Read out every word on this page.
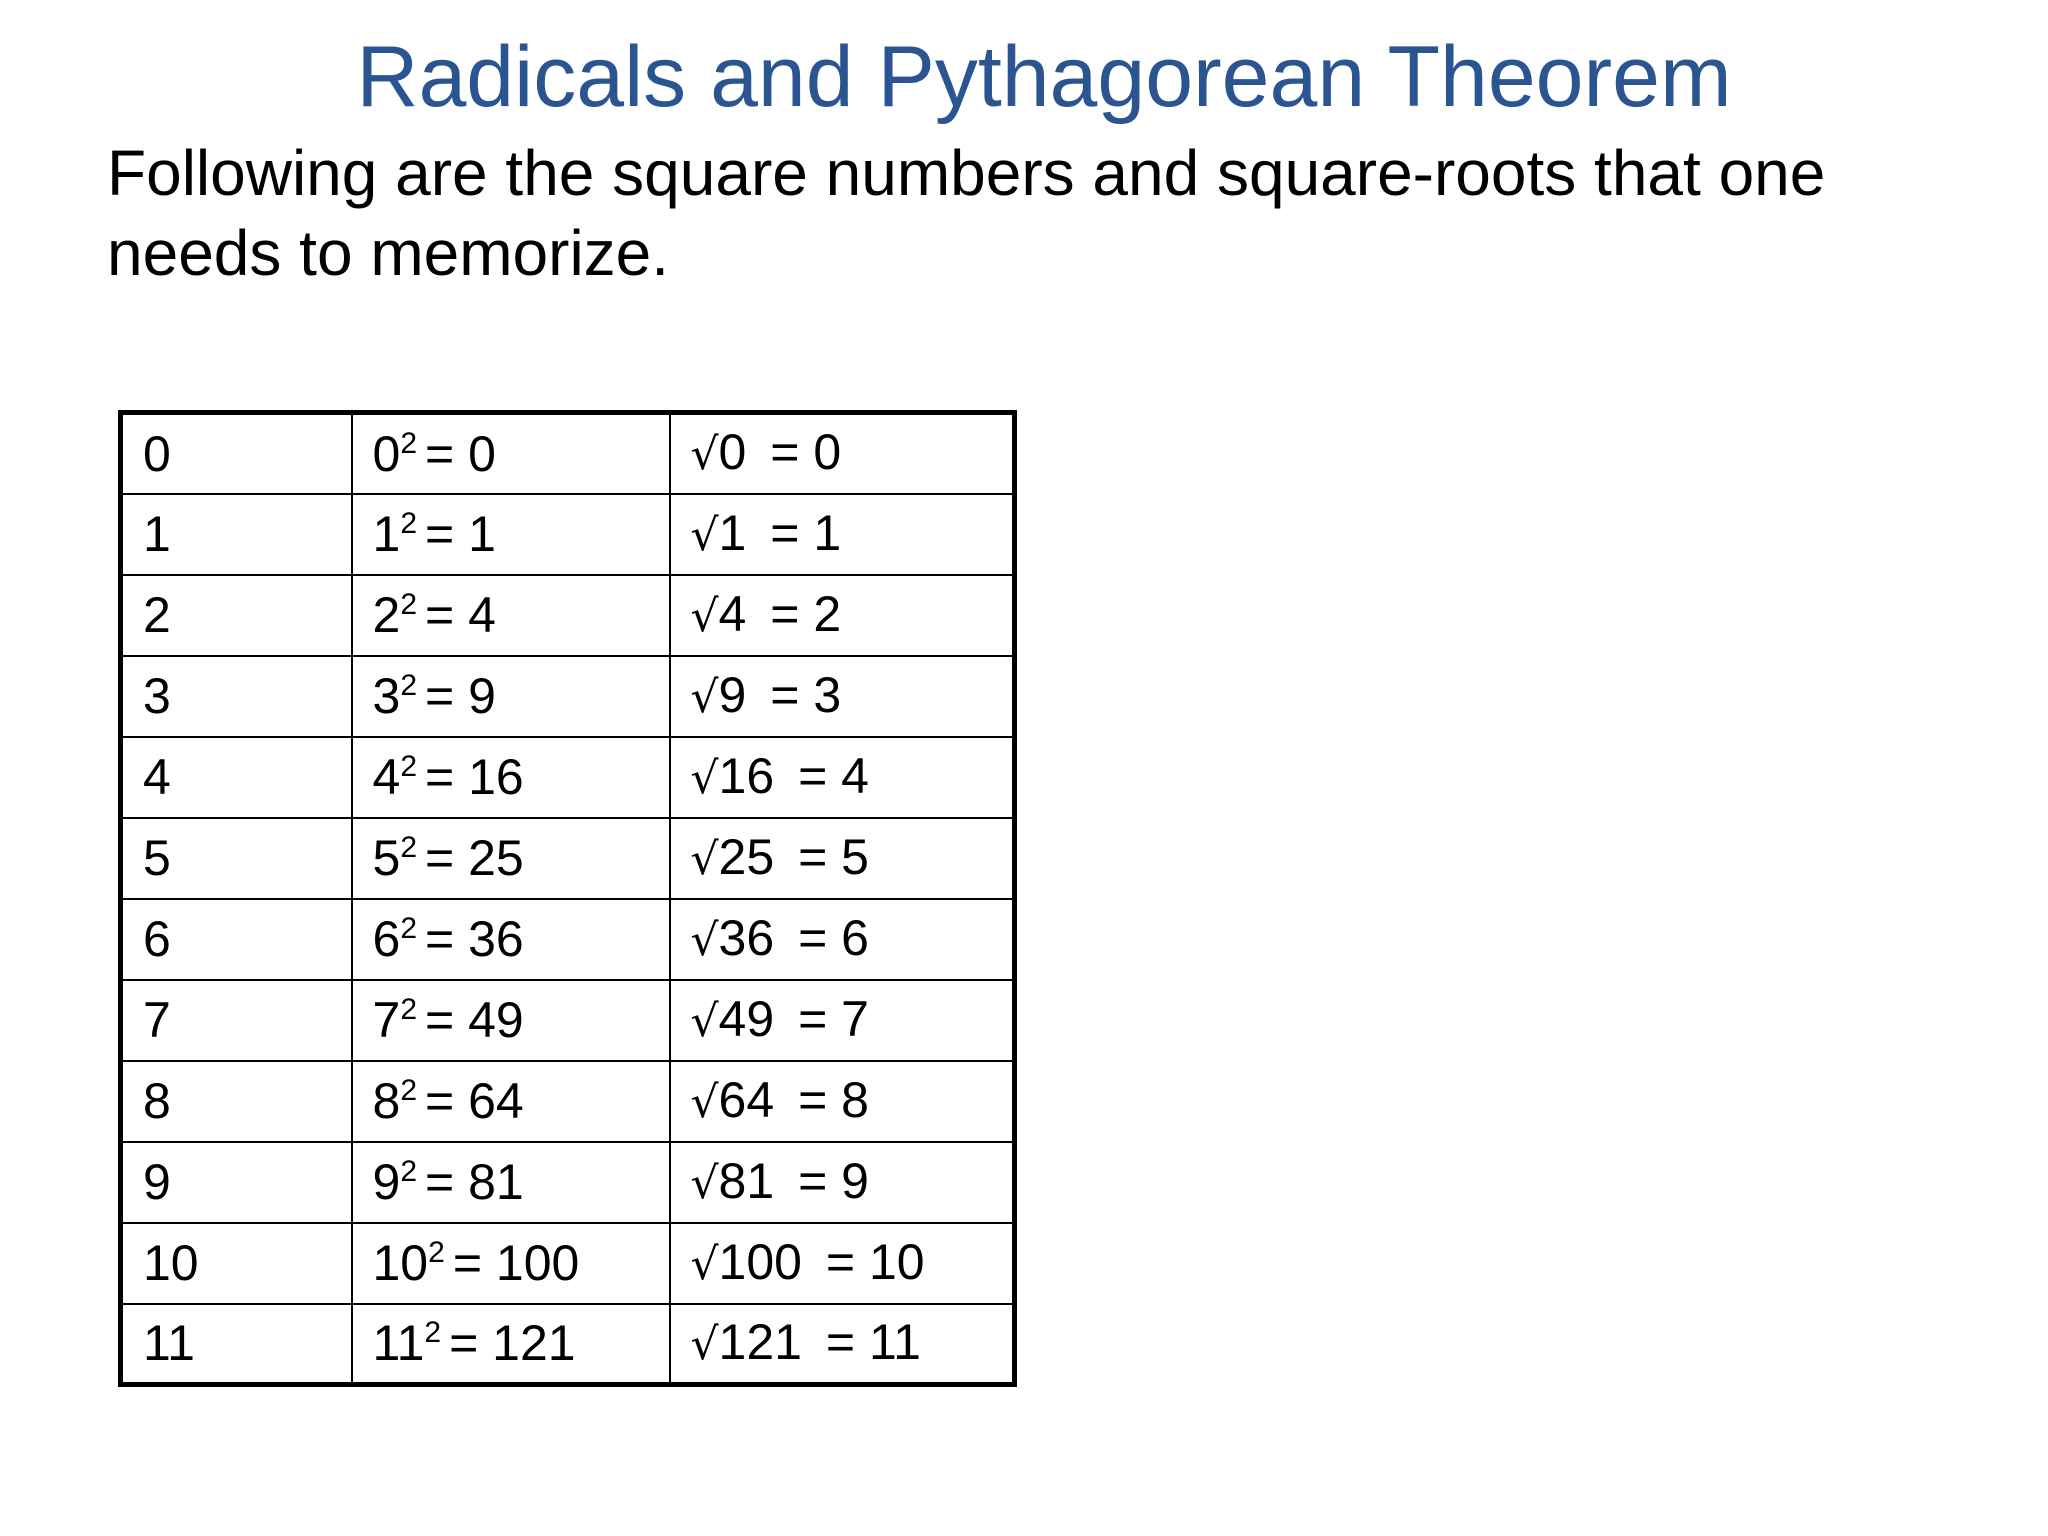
Radicals and Pythagorean Theorem
Following are the square numbers and square-roots that one needs to memorize.
0	$0^2 = 0$	√0 = 0
1	$1^2 = 1$	√1 = 1
2	$2^2 = 4$	√4 = 2
3	$3^2 = 9$	√9 = 3
4	$4^2 = 16$	√16 = 4
5	$5^2 = 25$	√25 = 5
6	$6^2 = 36$	√36 = 6
7	$7^2 = 49$	√49 = 7
8	$8^2 = 64$	√64 = 8
9	$9^2 = 81$	√81 = 9
10	$10^2 = 100$	√100 = 10
11	$11^2 = 121$	√121 = 11
